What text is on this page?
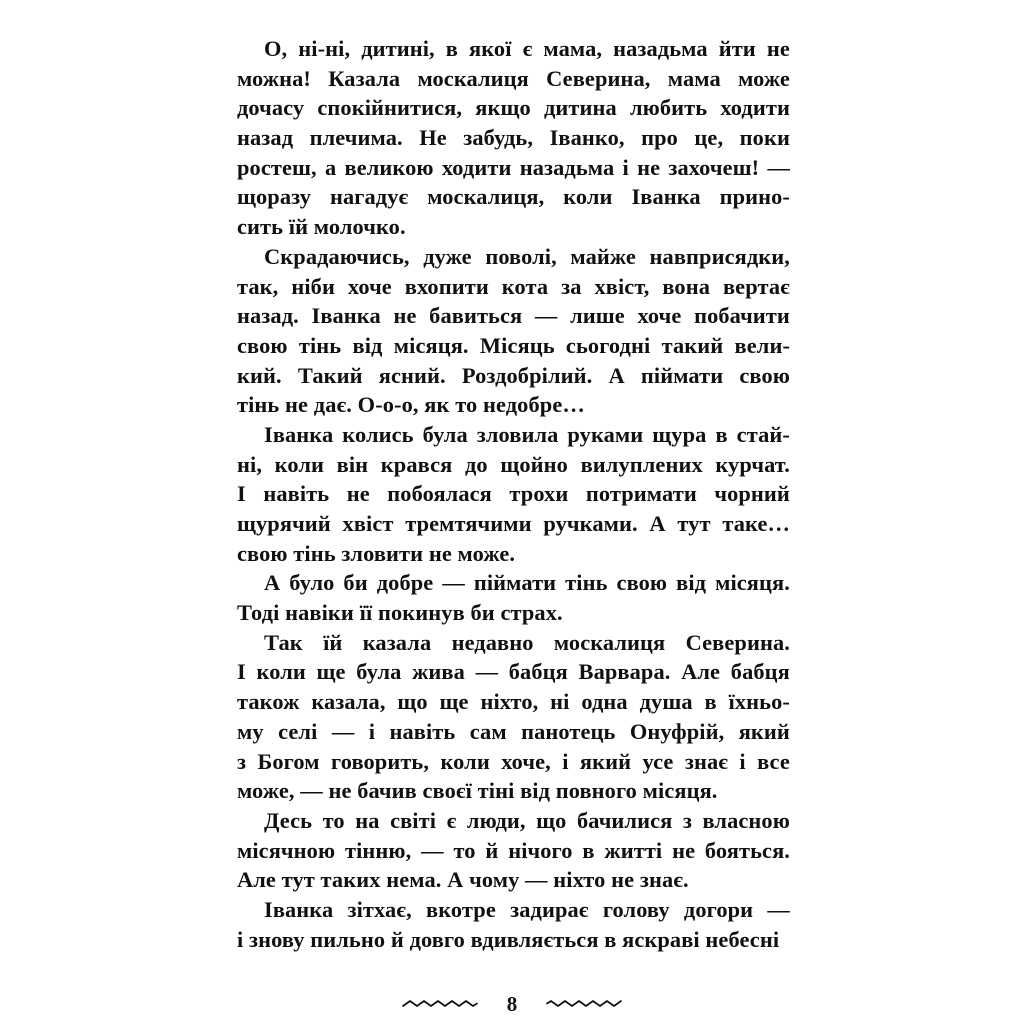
О, ні-ні, дитині, в якої є мама, назадьма йти не
можна! Казала москалиця Северина, мама може
дочасу спокійнитися, якщо дитина любить ходити
назад плечима. Не забудь, Іванко, про це, поки
ростеш, а великою ходити назадьма і не захочеш! —
щоразу нагадує москалиця, коли Іванка прино-
сить їй молочко.
Скрадаючись, дуже поволі, майже навприсядки,
так, ніби хоче вхопити кота за хвіст, вона вертає
назад. Іванка не бавиться — лише хоче побачити
свою тінь від місяця. Місяць сьогодні такий вели-
кий. Такий ясний. Роздобрілий. А піймати свою
тінь не дає. О-о-о, як то недобре…
Іванка колись була зловила руками щура в стай-
ні, коли він крався до щойно вилуплених курчат.
І навіть не побоялася трохи потримати чорний
щурячий хвіст тремтячими ручками. А тут таке…
свою тінь зловити не може.
А було би добре — піймати тінь свою від місяця.
Тоді навіки її покинув би страх.
Так їй казала недавно москалиця Северина.
І коли ще була жива — бабця Варвара. Але бабця
також казала, що ще ніхто, ні одна душа в їхньо-
му селі — і навіть сам панотець Онуфрій, який
з Богом говорить, коли хоче, і який усе знає і все
може, — не бачив своєї тіні від повного місяця.
Десь то на світі є люди, що бачилися з власною
місячною тінню, — то й нічого в житті не бояться.
Але тут таких нема. А чому — ніхто не знає.
Іванка зітхає, вкотре задирає голову догори —
і знову пильно й довго вдивляється в яскраві небесні
8
